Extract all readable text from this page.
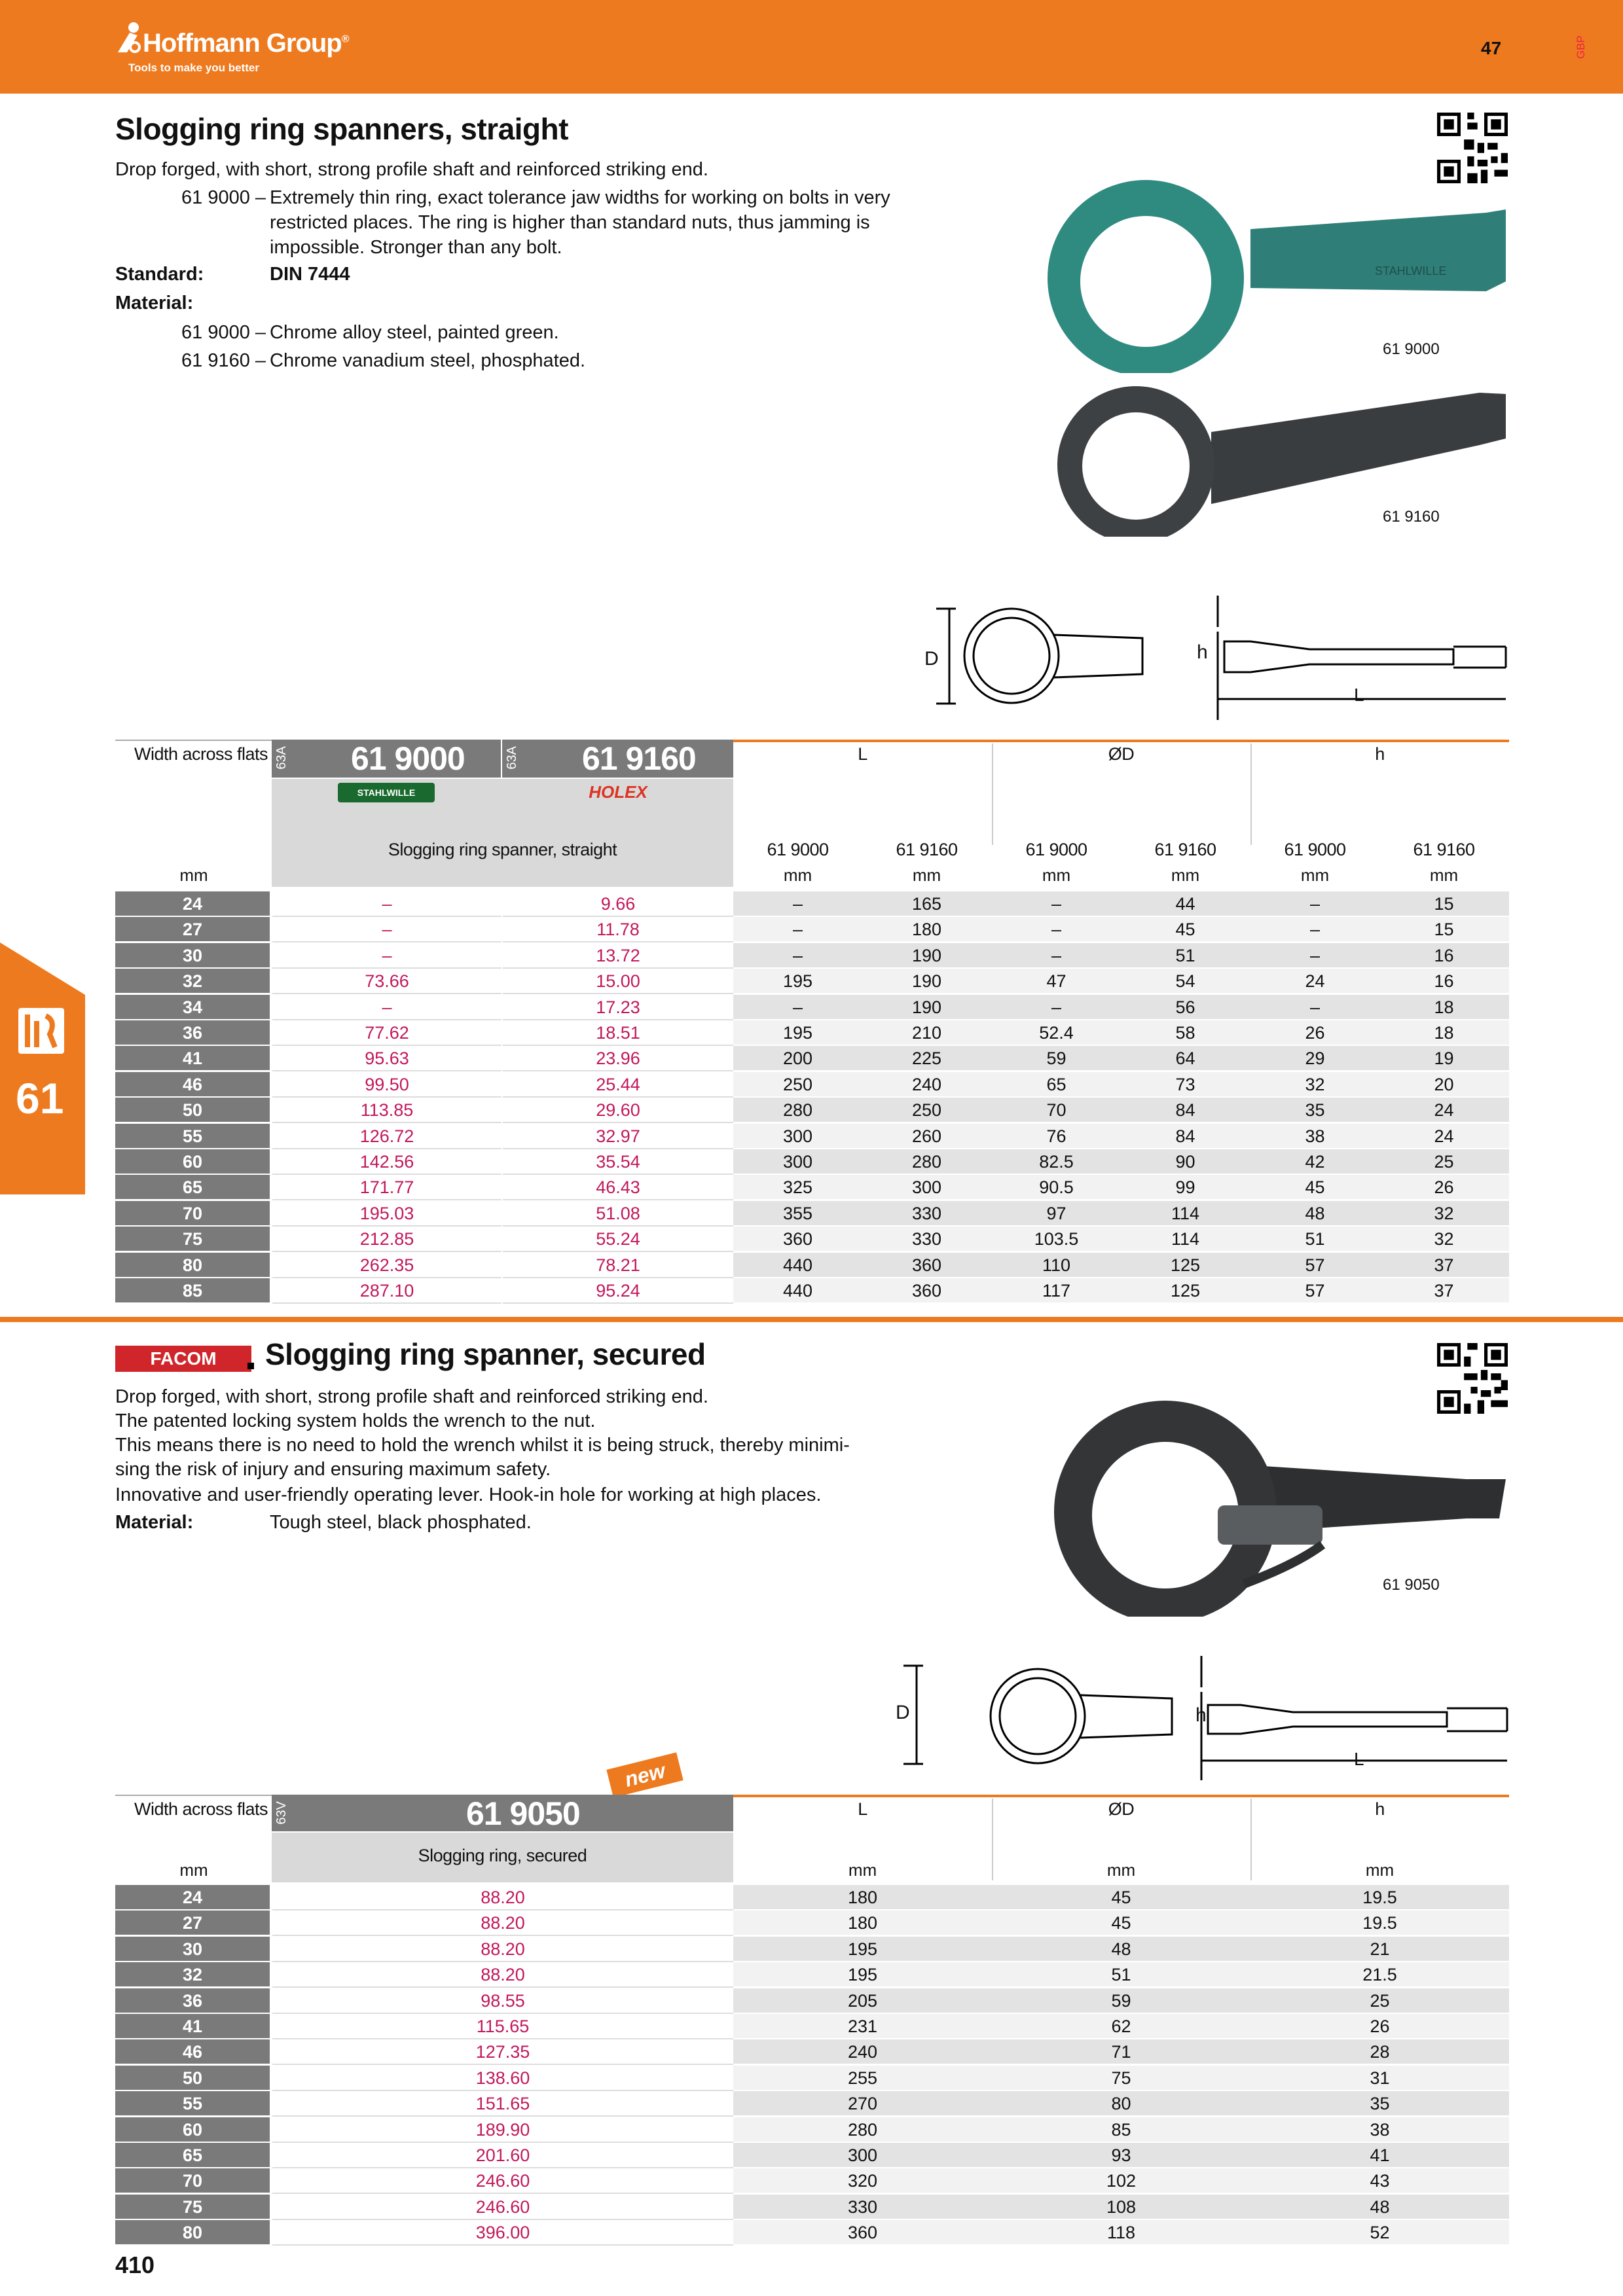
Hoffmann Group®
Tools to make you better
47	GBP
61
Slogging ring spanners, straight
Drop forged, with short, strong profile shaft and reinforced striking end.
61 9000 – Extremely thin ring, exact tolerance jaw widths for working on bolts in very
restricted places. The ring is higher than standard nuts, thus jamming is
impossible. Stronger than any bolt.
Standard:	DIN 7444
Material:
61 9000 – Chrome alloy steel, painted green.
61 9160 – Chrome vanadium steel, phosphated.
STAHLWILLE
61 9000
61 9160
D	h
L
Width across flats 63A	63A
61 9000	61 9160
STAHLWILLE	HOLEX
Slogging ring spanner, straight
L	ØD	h
61 9000	61 9160	61 9000	61 9160	61 9000	61 9160
mm	mm	mm	mm	mm	mm	mm
24	–	9.66	–	165	–	44	–	15
27	–	11.78	–	180	–	45	–	15
30	–	13.72	–	190	–	51	–	16
32	73.66	15.00	195	190	47	54	24	16
34	–	17.23	–	190	–	56	–	18
36	77.62	18.51	195	210	52.4	58	26	18
41	95.63	23.96	200	225	59	64	29	19
46	99.50	25.44	250	240	65	73	32	20
50	113.85	29.60	280	250	70	84	35	24
55	126.72	32.97	300	260	76	84	38	24
60	142.56	35.54	300	280	82.5	90	42	25
65	171.77	46.43	325	300	90.5	99	45	26
70	195.03	51.08	355	330	97	114	48	32
75	212.85	55.24	360	330	103.5	114	51	32
80	262.35	78.21	440	360	110	125	57	37
85	287.10	95.24	440	360	117	125	57	37
FACOM	Slogging ring spanner, secured
Drop forged, with short, strong profile shaft and reinforced striking end.
The patented locking system holds the wrench to the nut.
This means there is no need to hold the wrench whilst it is being struck, thereby minimi-
sing the risk of injury and ensuring maximum safety.
Innovative and user-friendly operating lever. Hook-in hole for working at high places.
Material:	Tough steel, black phosphated.
61 9050
D	h
L
new
Width across flats 63V	61 9050
Slogging ring, secured
L	ØD	h
mm	mm	mm	mm
24	88.20	180	45	19.5
27	88.20	180	45	19.5
30	88.20	195	48	21
32	88.20	195	51	21.5
36	98.55	205	59	25
41	115.65	231	62	26
46	127.35	240	71	28
50	138.60	255	75	31
55	151.65	270	80	35
60	189.90	280	85	38
65	201.60	300	93	41
70	246.60	320	102	43
75	246.60	330	108	48
80	396.00	360	118	52
410
